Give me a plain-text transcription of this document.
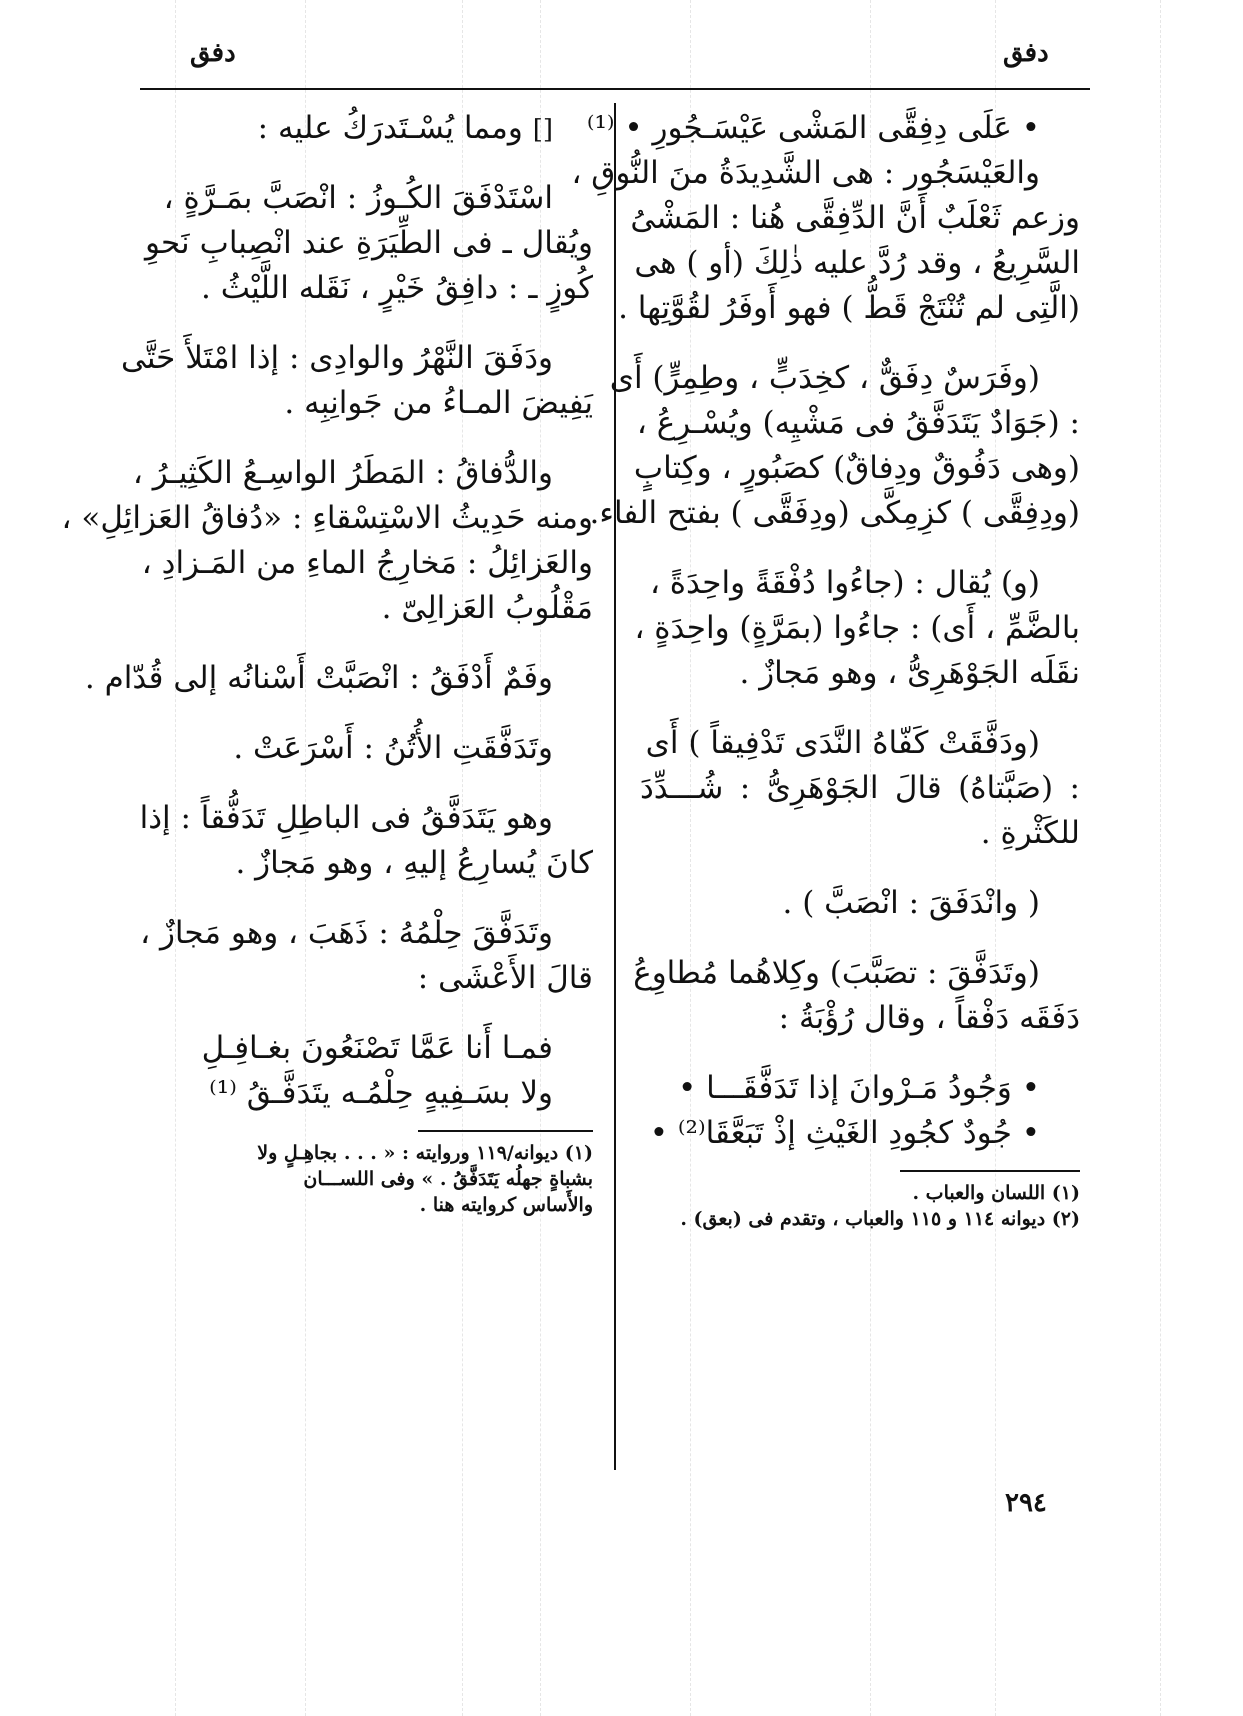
دفق
دفق
• عَلَى دِفِقَّى المَشْى عَيْسَـجُورِ • ⁽¹⁾
والعَيْسَجُور : هى الشَّدِيدَةُ منَ النُّوقِ ،
وزعم ثَعْلَبٌ أَنَّ الدِّفِقَّى هُنا : المَشْىُ
السَّرِيعُ ، وقد رُدَّ عليه ذٰلِكَ (أو ) هى
(الَّتِى لم تُنْتَجْ قَطُّ ) فهو أَوفَرُ لقُوَّتِها .
(وفَرَسٌ دِفَقٌّ ، كخِدَبٍّ ، وطِمِرٍّ) أَى
: (جَوَادٌ يَتَدَفَّقُ فى مَشْيِه) ويُسْـرِعُ ،
(وهى دَفُوقٌ ودِفاقٌ) كصَبُورٍ ، وكِتابٍ
(ودِفِقَّى ) كزِمِكَّى (ودِفَقَّى ) بفتح الفاء.
(و) يُقال : (جاءُوا دُفْقَةً واحِدَةً ،
بالضَّمِّ ، أَى) : جاءُوا (بمَرَّةٍ) واحِدَةٍ ،
نقَلَه الجَوْهَرِىُّ ، وهو مَجازٌ .
(ودَفَّقَتْ كَفّاهُ النَّدَى تَدْفِيقاً ) أَى
: (صَبَّتاهُ) قالَ الجَوْهَرِىُّ : شُـــدِّدَ
للكَثْرةِ .
( وانْدَفَقَ : انْصَبَّ ) .
(وتَدَفَّقَ : تصَبَّبَ) وكِلاهُما مُطاوِعُ
دَفَقَه دَفْقاً ، وقال رُؤْبَةُ :
• وَجُودُ مَـرْوانَ إذا تَدَفَّقَـــا •
• جُودٌ كجُودِ الغَيْثِ إذْ تَبَعَّقَا⁽²⁾ •
(١) اللسان والعباب .
(٢) ديوانه ١١٤ و ١١٥ والعباب ، وتقدم فى (بعق) .
[] ومما يُسْـتَدرَكُ عليه :
اسْتَدْفَقَ الكُـوزُ : انْصَبَّ بمَـرَّةٍ ،
ويُقال ـ فى الطِّيَرَةِ عند انْصِبابِ نَحوِ
كُوزٍ ـ : دافِقُ خَيْرٍ ، نَقَله اللَّيْثُ .
ودَفَقَ النَّهْرُ والوادِى : إذا امْتَلأَ حَتَّى
يَفِيضَ المـاءُ من جَوانِبِه .
والدُّفاقُ : المَطَرُ الواسِـعُ الكَثِيـرُ ،
ومنه حَدِيثُ الاسْتِسْقاءِ : «دُفاقُ العَزائِلِ» ،
والعَزائِلُ : مَخارِجُ الماءِ من المَـزادِ ،
مَقْلُوبُ العَزالِىّ .
وفَمٌ أَدْفَقُ : انْصَبَّتْ أَسْنانُه إلى قُدّام .
وتَدَفَّقَتِ الأُتُنُ : أَسْرَعَتْ .
وهو يَتَدَفَّقُ فى الباطِلِ تَدَفُّقاً : إذا
كانَ يُسارِعُ إليهِ ، وهو مَجازٌ .
وتَدَفَّقَ حِلْمُهُ : ذَهَبَ ، وهو مَجازٌ ،
قالَ الأَعْشَى :
فمـا أَنا عَمَّا تَصْنَعُونَ بغـافِـلِ
ولا بسَـفِيهٍ حِلْمُـه يتَدَفَّـقُ ⁽¹⁾
(١) ديوانه/١١٩ وروايته : « . . . بجاهِـلٍ ولا
بشباةٍ جهلُه يَتَدَفَّقُ . » وفى اللســـان
والأَساس كروايته هنا .
٢٩٤
